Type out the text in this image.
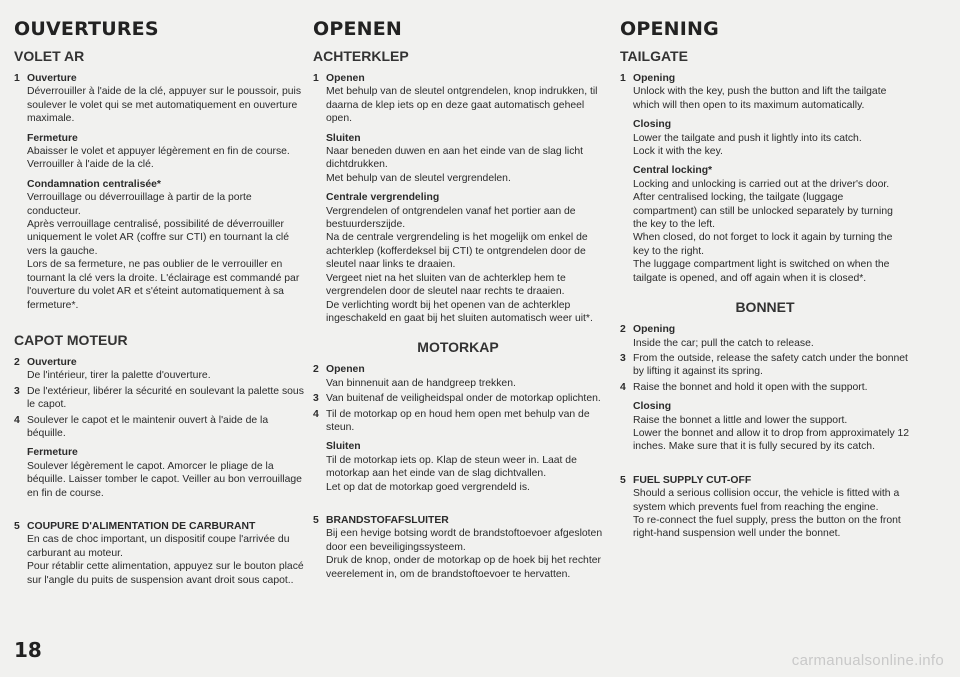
OUVERTURES
VOLET AR
1 Ouverture

Déverrouiller à l'aide de la clé, appuyer sur le poussoir, puis soulever le volet qui se met automatiquement en ouverture maximale.

Fermeture

Abaisser le volet et appuyer légèrement en fin de course. Verrouiller à l'aide de la clé.

Condamnation centralisée*

Verrouillage ou déverrouillage à partir de la porte conducteur.

Après verrouillage centralisé, possibilité de déverrouiller uniquement le volet AR (coffre sur CTI) en tournant la clé vers la gauche.

Lors de sa fermeture, ne pas oublier de le verrouiller en tournant la clé vers la droite. L'éclairage est commandé par l'ouverture du volet AR et s'éteint automatiquement à sa fermeture*.

CAPOT MOTEUR
2 Ouverture

De l'intérieur, tirer la palette d'ouverture.

3 De l'extérieur, libérer la sécurité en soulevant la palette sous le capot.

4 Soulever le capot et le maintenir ouvert à l'aide de la béquille.

Fermeture

Soulever légèrement le capot. Amorcer le pliage de la béquille. Laisser tomber le capot. Veiller au bon verrouillage en fin de course.

5 COUPURE D'ALIMENTATION DE CARBURANT

En cas de choc important, un dispositif coupe l'arrivée du carburant au moteur.

Pour rétablir cette alimentation, appuyez sur le bouton placé sur l'angle du puits de suspension avant droit sous capot..

OPENEN
ACHTERKLEP
1 Openen

Met behulp van de sleutel ontgrendelen, knop indrukken, til daarna de klep iets op en deze gaat automatisch geheel open.

Sluiten

Naar beneden duwen en aan het einde van de slag licht dichtdrukken.

Met behulp van de sleutel vergrendelen.

Centrale vergrendeling

Vergrendelen of ontgrendelen vanaf het portier aan de bestuurderszijde.

Na de centrale vergrendeling is het mogelijk om enkel de achterklep (kofferdeksel bij CTI) te ontgrendelen door de sleutel naar links te draaien.

Vergeet niet na het sluiten van de achterklep hem te vergrendelen door de sleutel naar rechts te draaien.

De verlichting wordt bij het openen van de achterklep ingeschakeld en gaat bij het sluiten automatisch weer uit*.

MOTORKAP
2 Openen

Van binnenuit aan de handgreep trekken.

3 Van buitenaf de veiligheidspal onder de motorkap oplichten.

4 Til de motorkap op en houd hem open met behulp van de steun.

Sluiten

Til de motorkap iets op. Klap de steun weer in. Laat de motorkap aan het einde van de slag dichtvallen.

Let op dat de motorkap goed vergrendeld is.

5 BRANDSTOFAFSLUITER

Bij een hevige botsing wordt de brandstoftoevoer afgesloten door een beveiligingssysteem.

Druk de knop, onder de motorkap op de hoek bij het rechter veerelement in, om de brandstoftoevoer te hervatten.

OPENING
TAILGATE
1 Opening

Unlock with the key, push the button and lift the tailgate which will then open to its maximum automatically.

Closing

Lower the tailgate and push it lightly into its catch.

Lock it with the key.

Central locking*

Locking and unlocking is carried out at the driver's door.

After centralised locking, the tailgate (luggage compartment) can still be unlocked separately by turning the key to the left.

When closed, do not forget to lock it again by turning the key to the right.

The luggage compartment light is switched on when the tailgate is opened, and off again when it is closed*.

BONNET
2 Opening

Inside the car; pull the catch to release.

3 From the outside, release the safety catch under the bonnet by lifting it against its spring.

4 Raise the bonnet and hold it open with the support.

Closing

Raise the bonnet a little and lower the support.

Lower the bonnet and allow it to drop from approximately 12 inches. Make sure that it is fully secured by its catch.

5 FUEL SUPPLY CUT-OFF

Should a serious collision occur, the vehicle is fitted with a system which prevents fuel from reaching the engine.

To re-connect the fuel supply, press the button on the front right-hand suspension well under the bonnet.

18	carmanualsonline.info
